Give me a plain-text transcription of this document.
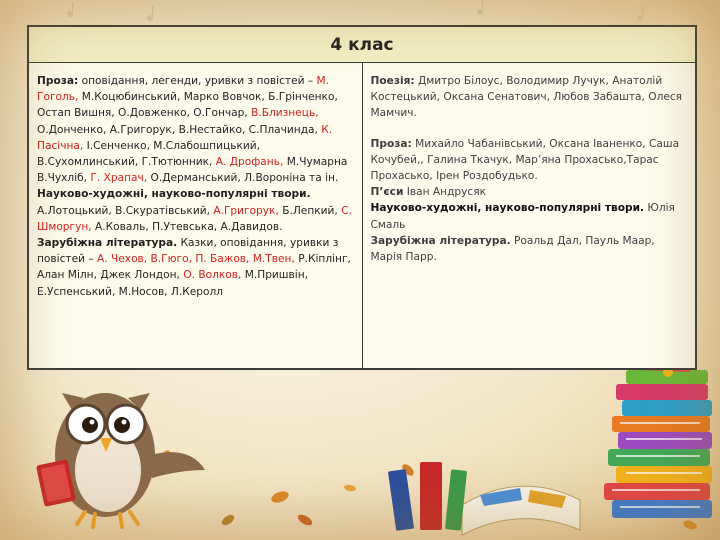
4 клас

Проза: оповідання, легенди, уривки з повістей – М. Гоголь, М.Коцюбинський, Марко Вовчок, Б.Грінченко, Остап Вишня, О.Довженко, О.Гончар, В.Близнець, О.Донченко, А.Григорук, В.Нестайко, С.Плачинда, К. Пасічна, І.Сенченко, М.Слабошпицький, В.Сухомлинський, Г.Тютюнник, А. Дрофань, М.Чумарна В.Чухліб, Г. Храпач, О.Дерманський, Л.Вороніна та ін.
Науково-художні, науково-популярні твори. А.Лотоцький, В.Скуратівський, А.Григорук, Б.Лепкий, С. Шморгун, А.Коваль, П.Утевська, А.Давидов.
Зарубіжна література. Казки, оповідання, уривки з повістей – А. Чехов, В.Гюго, П. Бажов, М.Твен, Р.Кіплінг, Алан Мілн, Джек Лондон, О. Волков, М.Пришвін, Е.Успенський, М.Носов, Л.Керолл

Поезія: Дмитро Білоус, Володимир Лучук, Анатолій Костецький, Оксана Сенатович, Любов Забашта, Олеся Мамчич.
Проза: Михайло Чабанівський, Оксана Іваненко, Саша Кочубей,, Галина Ткачук, Мар’яна Прохасько,Тарас Прохасько, Ірен Роздобудько.
П’єси Іван Андрусяк
Науково-художні, науково-популярні твори. Юлія Смаль
Зарубіжна література. Роальд Дал, Пауль Маар, Марія Парр.
